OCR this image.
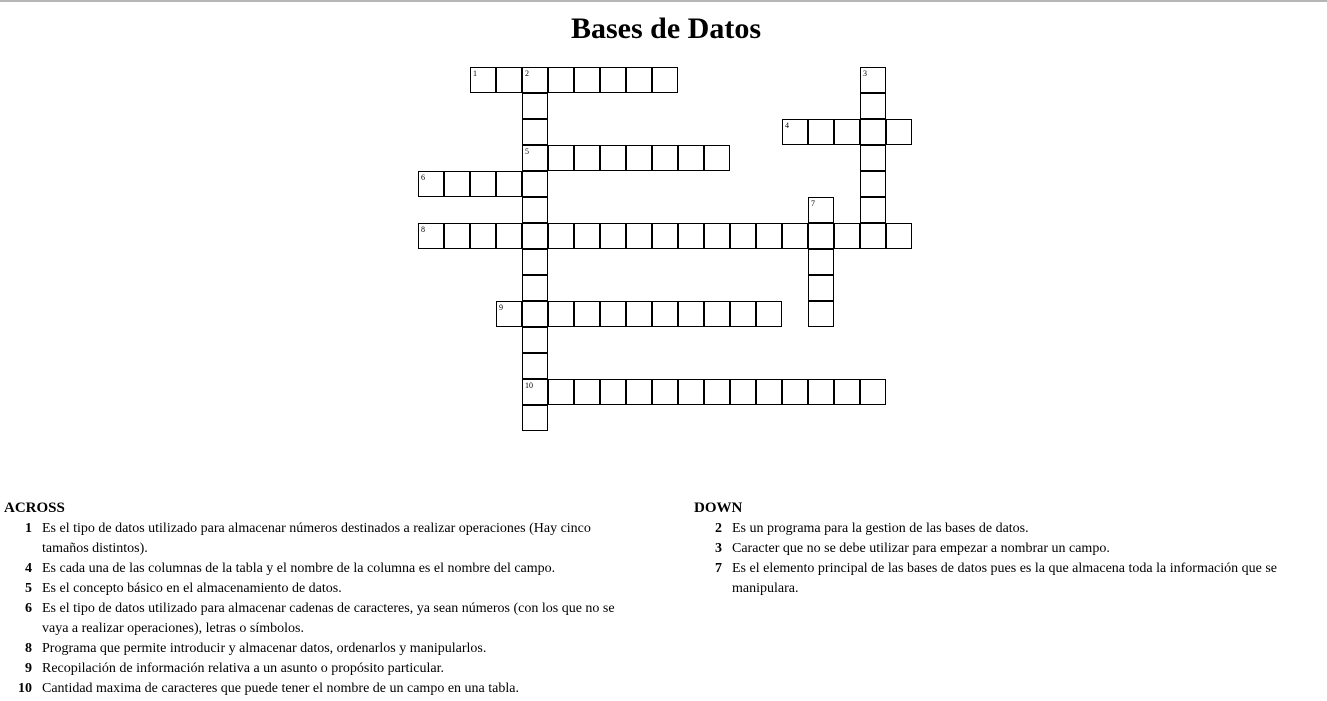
Bases de Datos
1	2	3
4
5
6
7
8
9
10
ACROSS
1 Es el tipo de datos utilizado para almacenar números destinados a realizar operaciones (Hay cinco tamaños distintos).
4 Es cada una de las columnas de la tabla y el nombre de la columna es el nombre del campo.
5 Es el concepto básico en el almacenamiento de datos.
6 Es el tipo de datos utilizado para almacenar cadenas de caracteres, ya sean números (con los que no se vaya a realizar operaciones), letras o símbolos.
8 Programa que permite introducir y almacenar datos, ordenarlos y manipularlos.
9 Recopilación de información relativa a un asunto o propósito particular.
10 Cantidad maxima de caracteres que puede tener el nombre de un campo en una tabla.
DOWN
2 Es un programa para la gestion de las bases de datos.
3 Caracter que no se debe utilizar para empezar a nombrar un campo.
7 Es el elemento principal de las bases de datos pues es la que almacena toda la información que se manipulara.
